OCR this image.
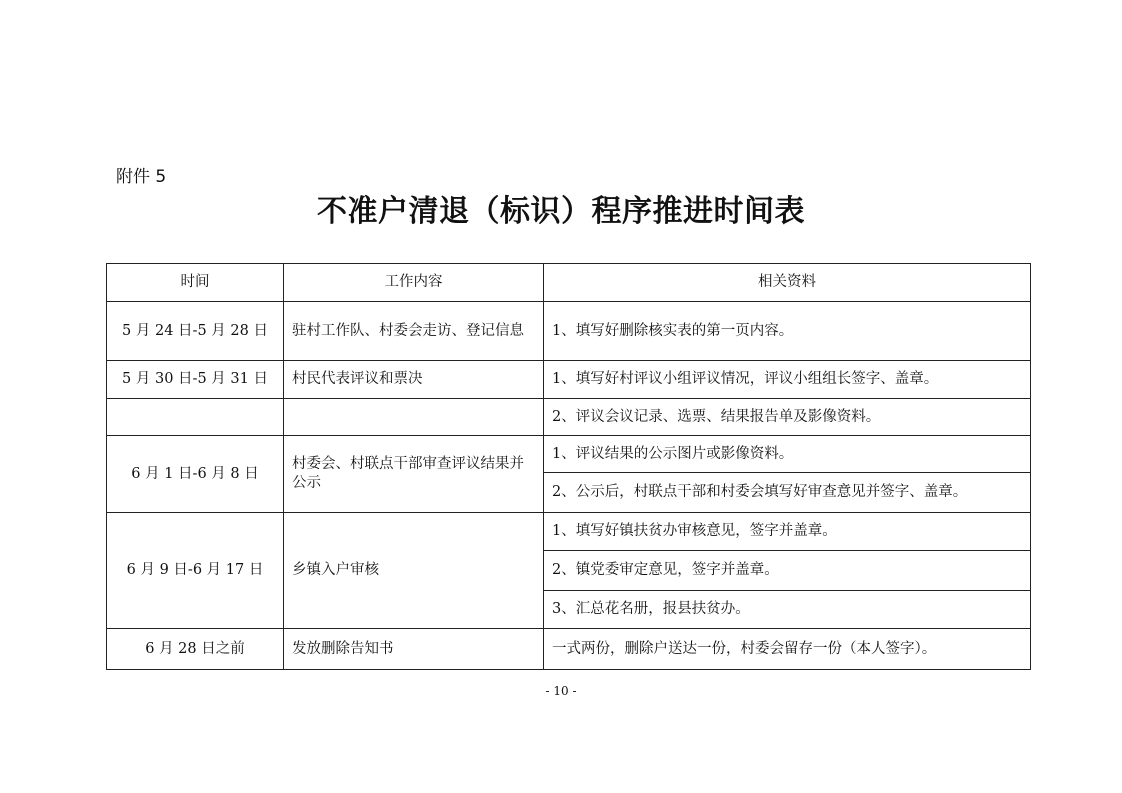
附件 5
不准户清退（标识）程序推进时间表
时间	工作内容	相关资料
5 月 24 日-5 月 28 日	驻村工作队、村委会走访、登记信息	1、填写好删除核实表的第一页内容。
5 月 30 日-5 月 31 日	村民代表评议和票决	1、填写好村评议小组评议情况，评议小组组长签字、盖章。
		2、评议会议记录、选票、结果报告单及影像资料。
6 月 1 日-6 月 8 日	村委会、村联点干部审查评议结果并公示	1、评议结果的公示图片或影像资料。
		2、公示后，村联点干部和村委会填写好审查意见并签字、盖章。
6 月 9 日-6 月 17 日	乡镇入户审核	1、填写好镇扶贫办审核意见，签字并盖章。
		2、镇党委审定意见，签字并盖章。
		3、汇总花名册，报县扶贫办。
6 月 28 日之前	发放删除告知书	一式两份，删除户送达一份，村委会留存一份（本人签字）。
- 10 -
